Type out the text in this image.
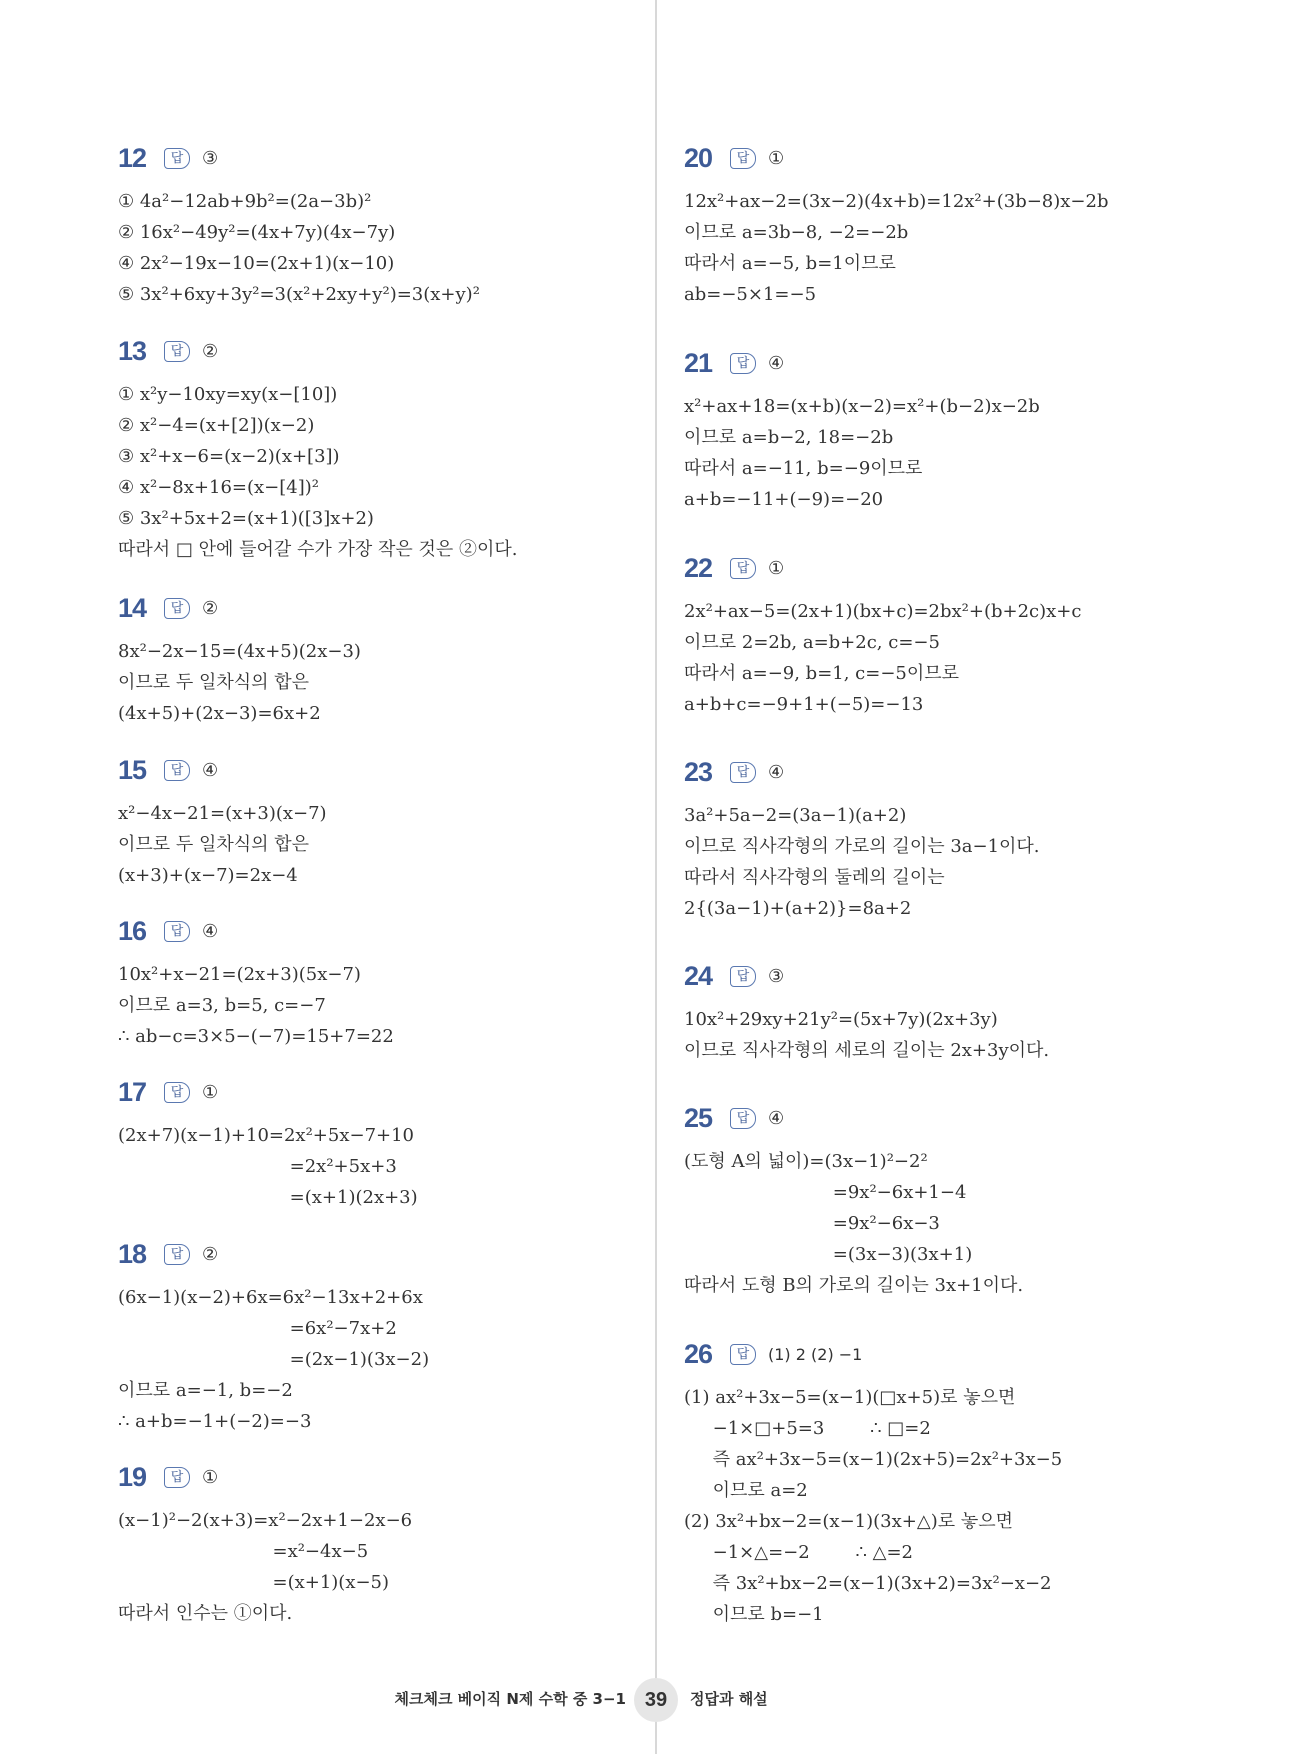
12	답	③
① 4a²−12ab+9b²=(2a−3b)²
② 16x²−49y²=(4x+7y)(4x−7y)
④ 2x²−19x−10=(2x+1)(x−10)
⑤ 3x²+6xy+3y²=3(x²+2xy+y²)=3(x+y)²
13	답	②
① x²y−10xy=xy(x−[10])
② x²−4=(x+[2])(x−2)
③ x²+x−6=(x−2)(x+[3])
④ x²−8x+16=(x−[4])²
⑤ 3x²+5x+2=(x+1)([3]x+2)
따라서 □ 안에 들어갈 수가 가장 작은 것은 ②이다.
14	답	②
8x²−2x−15=(4x+5)(2x−3)
이므로 두 일차식의 합은
(4x+5)+(2x−3)=6x+2
15	답	④
x²−4x−21=(x+3)(x−7)
이므로 두 일차식의 합은
(x+3)+(x−7)=2x−4
16	답	④
10x²+x−21=(2x+3)(5x−7)
이므로 a=3, b=5, c=−7
∴ ab−c=3×5−(−7)=15+7=22
17	답	①
(2x+7)(x−1)+10=2x²+5x−7+10
=2x²+5x+3
=(x+1)(2x+3)
18	답	②
(6x−1)(x−2)+6x=6x²−13x+2+6x
=6x²−7x+2
=(2x−1)(3x−2)
이므로 a=−1, b=−2
∴ a+b=−1+(−2)=−3
19	답	①
(x−1)²−2(x+3)=x²−2x+1−2x−6
=x²−4x−5
=(x+1)(x−5)
따라서 인수는 ①이다.
20	답	①
12x²+ax−2=(3x−2)(4x+b)=12x²+(3b−8)x−2b
이므로 a=3b−8, −2=−2b
따라서 a=−5, b=1이므로
ab=−5×1=−5
21	답	④
x²+ax+18=(x+b)(x−2)=x²+(b−2)x−2b
이므로 a=b−2, 18=−2b
따라서 a=−11, b=−9이므로
a+b=−11+(−9)=−20
22	답	①
2x²+ax−5=(2x+1)(bx+c)=2bx²+(b+2c)x+c
이므로 2=2b, a=b+2c, c=−5
따라서 a=−9, b=1, c=−5이므로
a+b+c=−9+1+(−5)=−13
23	답	④
3a²+5a−2=(3a−1)(a+2)
이므로 직사각형의 가로의 길이는 3a−1이다.
따라서 직사각형의 둘레의 길이는
2{(3a−1)+(a+2)}=8a+2
24	답	③
10x²+29xy+21y²=(5x+7y)(2x+3y)
이므로 직사각형의 세로의 길이는 2x+3y이다.
25	답	④
(도형 A의 넓이)=(3x−1)²−2²
=9x²−6x+1−4
=9x²−6x−3
=(3x−3)(3x+1)
따라서 도형 B의 가로의 길이는 3x+1이다.
26	답	(1) 2 (2) −1
(1) ax²+3x−5=(x−1)(□x+5)로 놓으면
−1×□+5=3        ∴ □=2
즉 ax²+3x−5=(x−1)(2x+5)=2x²+3x−5
이므로 a=2
(2) 3x²+bx−2=(x−1)(3x+△)로 놓으면
−1×△=−2        ∴ △=2
즉 3x²+bx−2=(x−1)(3x+2)=3x²−x−2
이므로 b=−1
체크체크 베이직 N제 수학 중 3−1 39	정답과 해설
